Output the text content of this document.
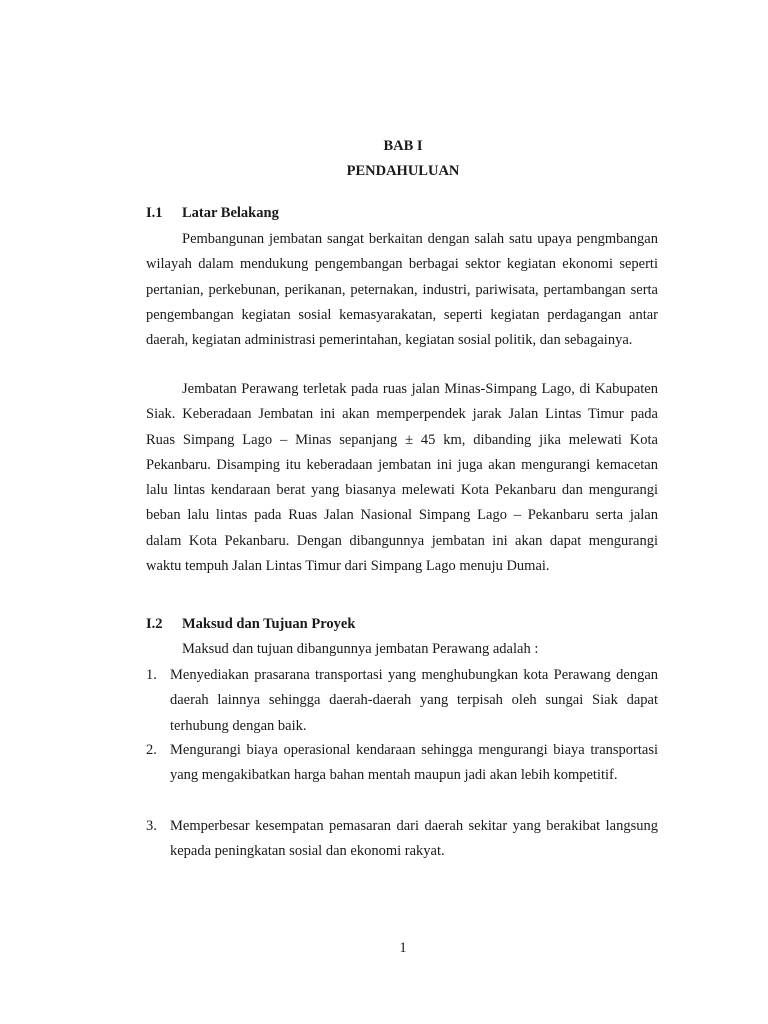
BAB I
PENDAHULUAN
I.1 Latar Belakang

Pembangunan jembatan sangat berkaitan dengan salah satu upaya pengmbangan wilayah dalam mendukung pengembangan berbagai sektor kegiatan ekonomi seperti pertanian, perkebunan, perikanan, peternakan, industri, pariwisata, pertambangan serta pengembangan kegiatan sosial kemasyarakatan, seperti kegiatan perdagangan antar daerah, kegiatan administrasi pemerintahan, kegiatan sosial politik, dan sebagainya.

Jembatan Perawang terletak pada ruas jalan Minas-Simpang Lago, di Kabupaten Siak. Keberadaan Jembatan ini akan memperpendek jarak Jalan Lintas Timur pada Ruas Simpang Lago – Minas sepanjang ± 45 km, dibanding jika melewati Kota Pekanbaru. Disamping itu keberadaan jembatan ini juga akan mengurangi kemacetan lalu lintas kendaraan berat yang biasanya melewati Kota Pekanbaru dan mengurangi beban lalu lintas pada Ruas Jalan Nasional Simpang Lago – Pekanbaru serta jalan dalam Kota Pekanbaru. Dengan dibangunnya jembatan ini akan dapat mengurangi waktu tempuh Jalan Lintas Timur dari Simpang Lago menuju Dumai.

I.2 Maksud dan Tujuan Proyek
Maksud dan tujuan dibangunnya jembatan Perawang adalah :
1. Menyediakan prasarana transportasi yang menghubungkan kota Perawang dengan daerah lainnya sehingga daerah-daerah yang terpisah oleh sungai Siak dapat terhubung dengan baik.
2. Mengurangi biaya operasional kendaraan sehingga mengurangi biaya transportasi yang mengakibatkan harga bahan mentah maupun jadi akan lebih kompetitif.
3. Memperbesar kesempatan pemasaran dari daerah sekitar yang berakibat langsung kepada peningkatan sosial dan ekonomi rakyat.
1
